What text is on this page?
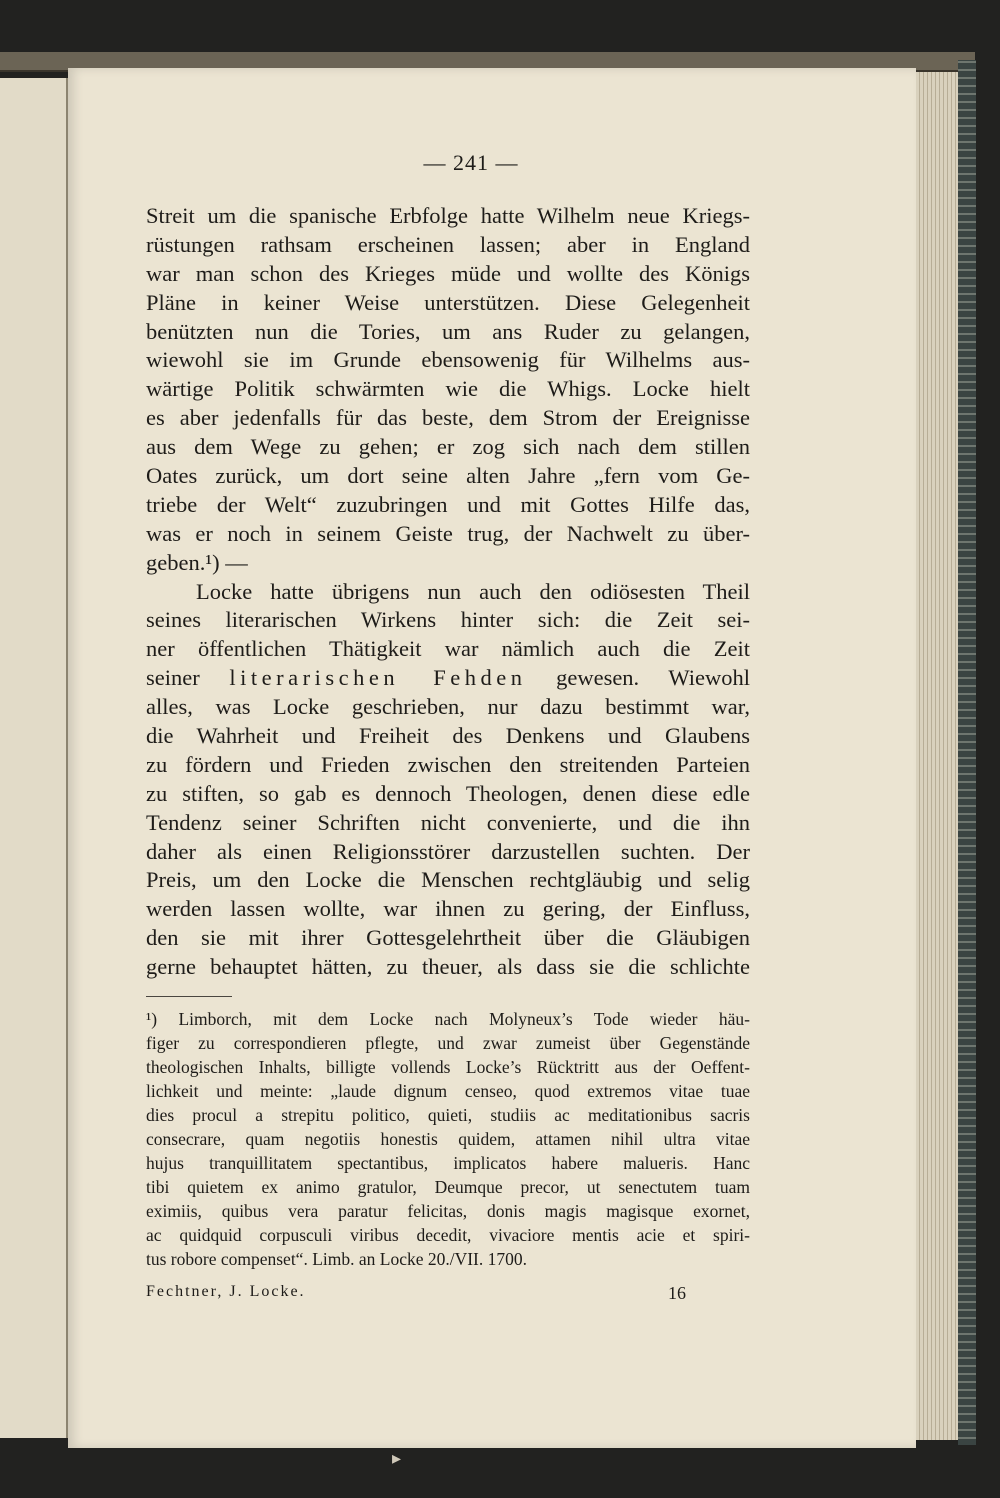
— 241 —
Streit um die spanische Erbfolge hatte Wilhelm neue Kriegs-
rüstungen rathsam erscheinen lassen; aber in England
war man schon des Krieges müde und wollte des Königs
Pläne in keiner Weise unterstützen. Diese Gelegenheit
benützten nun die Tories, um ans Ruder zu gelangen,
wiewohl sie im Grunde ebensowenig für Wilhelms aus-
wärtige Politik schwärmten wie die Whigs. Locke hielt
es aber jedenfalls für das beste, dem Strom der Ereignisse
aus dem Wege zu gehen; er zog sich nach dem stillen
Oates zurück, um dort seine alten Jahre „fern vom Ge-
triebe der Welt“ zuzubringen und mit Gottes Hilfe das,
was er noch in seinem Geiste trug, der Nachwelt zu über-
geben.¹) —
Locke hatte übrigens nun auch den odiösesten Theil
seines literarischen Wirkens hinter sich: die Zeit sei-
ner öffentlichen Thätigkeit war nämlich auch die Zeit
seiner literarischen Fehden gewesen. Wiewohl
alles, was Locke geschrieben, nur dazu bestimmt war,
die Wahrheit und Freiheit des Denkens und Glaubens
zu fördern und Frieden zwischen den streitenden Parteien
zu stiften, so gab es dennoch Theologen, denen diese edle
Tendenz seiner Schriften nicht convenierte, und die ihn
daher als einen Religionsstörer darzustellen suchten. Der
Preis, um den Locke die Menschen rechtgläubig und selig
werden lassen wollte, war ihnen zu gering, der Einfluss,
den sie mit ihrer Gottesgelehrtheit über die Gläubigen
gerne behauptet hätten, zu theuer, als dass sie die schlichte
¹) Limborch, mit dem Locke nach Molyneux’s Tode wieder häu-
figer zu correspondieren pflegte, und zwar zumeist über Gegenstände
theologischen Inhalts, billigte vollends Locke’s Rücktritt aus der Oeffent-
lichkeit und meinte: „laude dignum censeo, quod extremos vitae tuae
dies procul a strepitu politico, quieti, studiis ac meditationibus sacris
consecrare, quam negotiis honestis quidem, attamen nihil ultra vitae
hujus tranquillitatem spectantibus, implicatos habere malueris. Hanc
tibi quietem ex animo gratulor, Deumque precor, ut senectutem tuam
eximiis, quibus vera paratur felicitas, donis magis magisque exornet,
ac quidquid corpusculi viribus decedit, vivaciore mentis acie et spiri-
tus robore compenset“. Limb. an Locke 20./VII. 1700.
Fechtner, J. Locke.	16
▸
